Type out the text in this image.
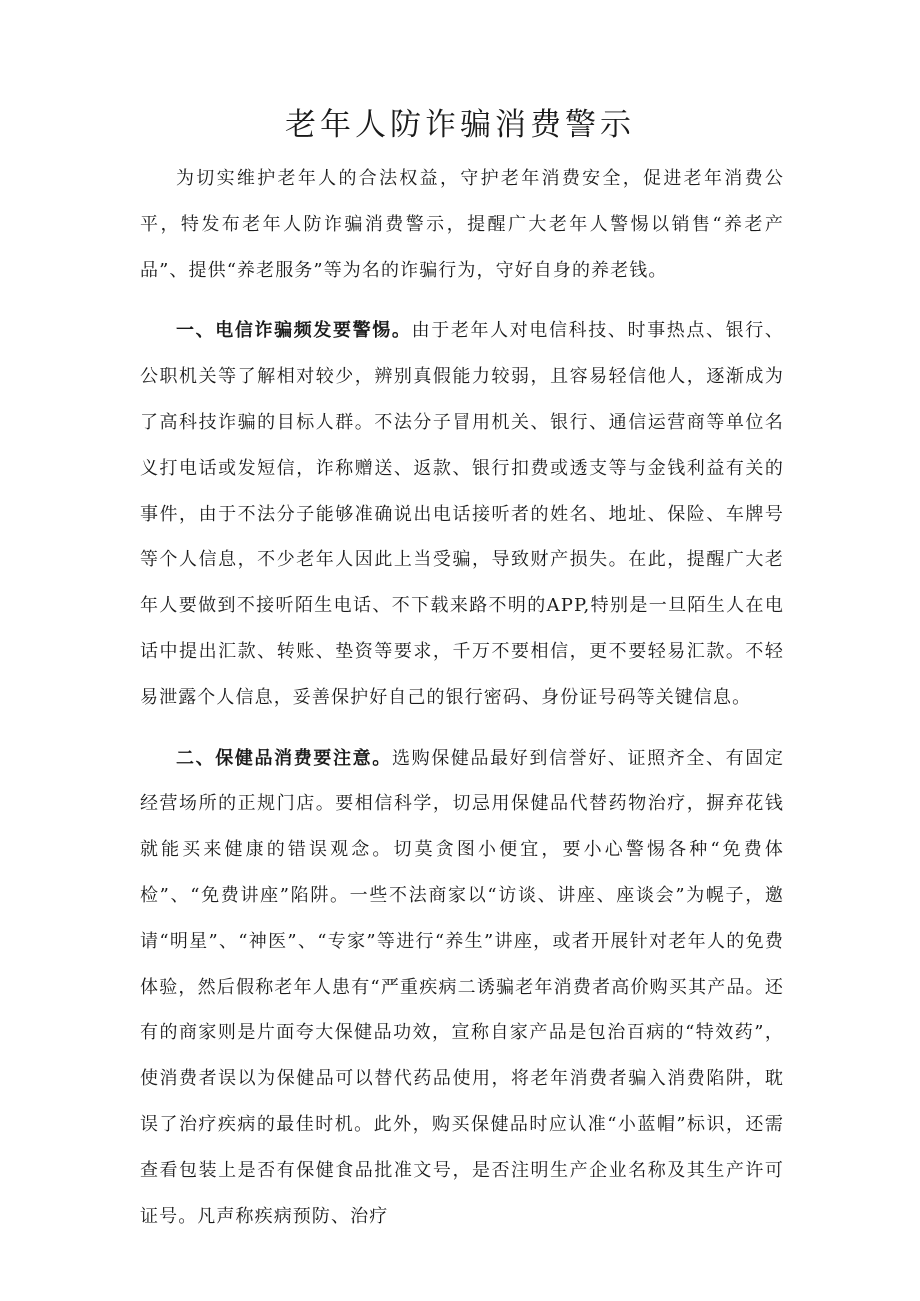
老年人防诈骗消费警示

为切实维护老年人的合法权益，守护老年消费安全，促进老年消费公平，特发布老年人防诈骗消费警示，提醒广大老年人警惕以销售“养老产品”、提供“养老服务”等为名的诈骗行为，守好自身的养老钱。

一、电信诈骗频发要警惕。由于老年人对电信科技、时事热点、银行、公职机关等了解相对较少，辨别真假能力较弱，且容易轻信他人，逐渐成为了高科技诈骗的目标人群。不法分子冒用机关、银行、通信运营商等单位名义打电话或发短信，诈称赠送、返款、银行扣费或透支等与金钱利益有关的事件，由于不法分子能够准确说出电话接听者的姓名、地址、保险、车牌号等个人信息，不少老年人因此上当受骗，导致财产损失。在此，提醒广大老年人要做到不接听陌生电话、不下载来路不明的APP,特别是一旦陌生人在电话中提出汇款、转账、垫资等要求，千万不要相信，更不要轻易汇款。不轻易泄露个人信息，妥善保护好自己的银行密码、身份证号码等关键信息。

二、保健品消费要注意。选购保健品最好到信誉好、证照齐全、有固定经营场所的正规门店。要相信科学，切忌用保健品代替药物治疗，摒弃花钱就能买来健康的错误观念。切莫贪图小便宜，要小心警惕各种“免费体检”、“免费讲座”陷阱。一些不法商家以“访谈、讲座、座谈会”为幌子，邀请“明星”、“神医”、“专家”等进行“养生”讲座，或者开展针对老年人的免费体验，然后假称老年人患有“严重疾病二诱骗老年消费者高价购买其产品。还有的商家则是片面夸大保健品功效，宣称自家产品是包治百病的“特效药”，使消费者误以为保健品可以替代药品使用，将老年消费者骗入消费陷阱，耽误了治疗疾病的最佳时机。此外，购买保健品时应认准“小蓝帽”标识，还需查看包装上是否有保健食品批准文号，是否注明生产企业名称及其生产许可证号。凡声称疾病预防、治疗
